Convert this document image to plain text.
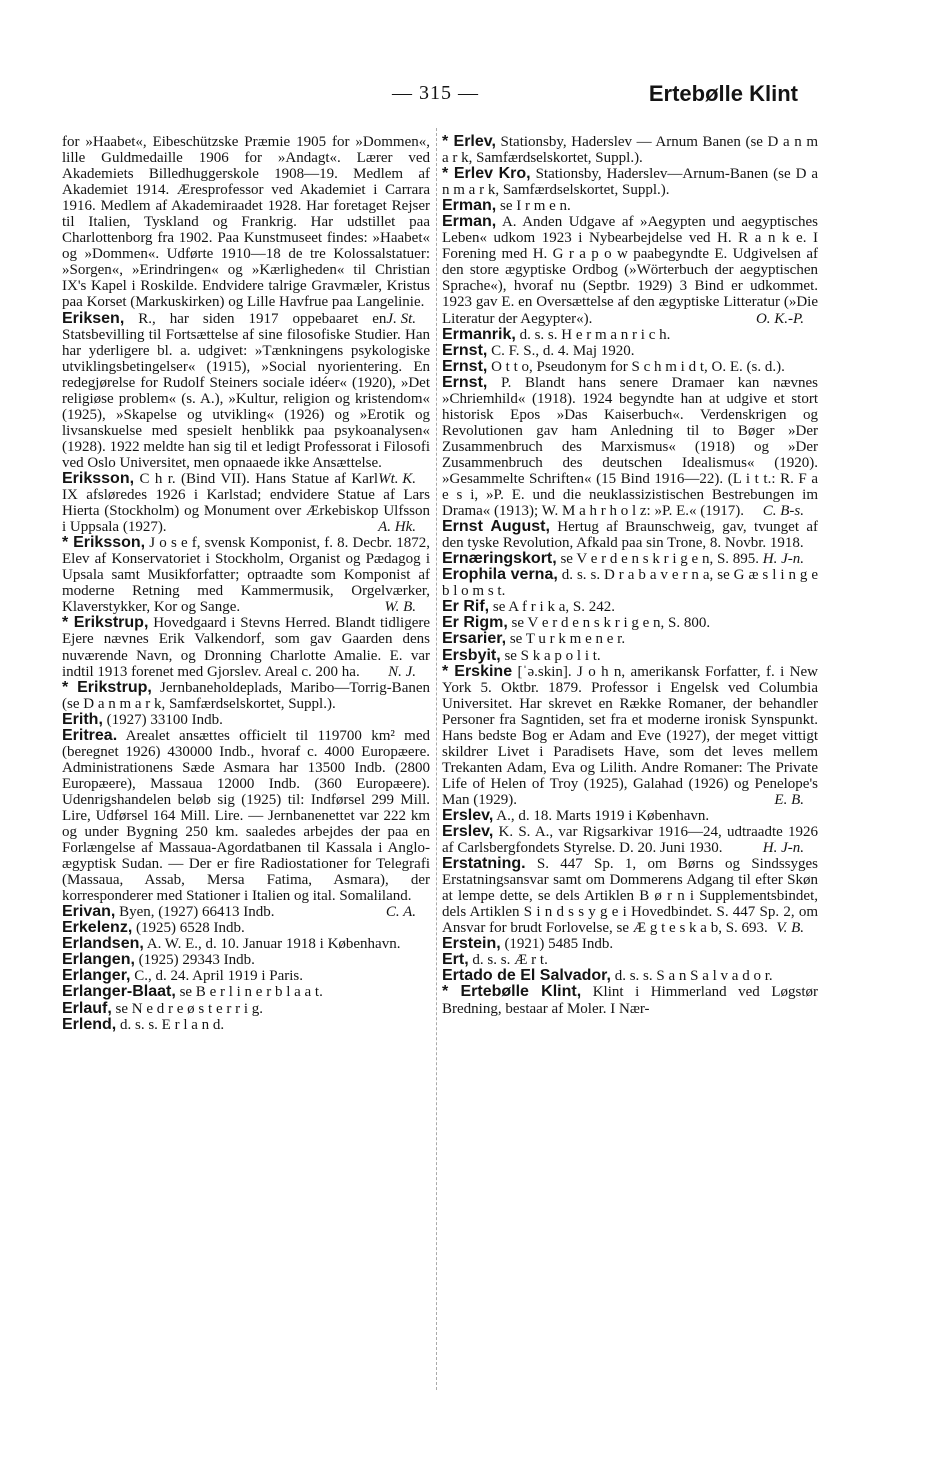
— 315 —	Ertebølle Klint

for »Haabet«, Eibeschützske Præmie 1905 for »Dommen«, lille Guldmedaille 1906 for »Andagt«. Lærer ved Akademiets Billedhuggerskole 1908—19. Medlem af Akademiet 1914. Æresprofessor ved Akademiet i Carrara 1916. Medlem af Akademiraadet 1928. Har foretaget Rejser til Italien, Tyskland og Frankrig. Har udstillet paa Charlottenborg fra 1902. Paa Kunstmuseet findes: »Haabet« og »Dommen«. Udførte 1910—18 de tre Kolossalstatuer: »Sorgen«, »Erindringen« og »Kærligheden« til Christian IX's Kapel i Roskilde. Endvidere talrige Gravmæler, Kristus paa Korset (Markuskirken) og Lille Havfrue paa Langelinie.
J. St.

Eriksen, R., har siden 1917 oppebaaret en Statsbevilling til Fortsættelse af sine filosofiske Studier. Han har yderligere bl. a. udgivet: »Tænkningens psykologiske utviklingsbetingelser« (1915), »Social nyorientering. En redegjørelse for Rudolf Steiners sociale idéer« (1920), »Det religiøse problem« (s. A.), »Kultur, religion og kristendom« (1925), »Skapelse og utvikling« (1926) og »Erotik og livsanskuelse med spesielt henblikk paa psykoanalysen« (1928). 1922 meldte han sig til et ledigt Professorat i Filosofi ved Oslo Universitet, men opnaaede ikke Ansættelse.
Wt. K.

Eriksson, C h r. (Bind VII). Hans Statue af Karl IX afsløredes 1926 i Karlstad; endvidere Statue af Lars Hierta (Stockholm) og Monument over Ærkebiskop Ulfsson i Uppsala (1927).	A. Hk.

* Eriksson, J o s e f, svensk Komponist, f. 8. Decbr. 1872, Elev af Konservatoriet i Stockholm, Organist og Pædagog i Upsala samt Musikforfatter; optraadte som Komponist af moderne Retning med Kammermusik, Orgelværker, Klaverstykker, Kor og Sange.	W. B.

* Erikstrup, Hovedgaard i Stevns Herred. Blandt tidligere Ejere nævnes Erik Valkendorf, som gav Gaarden dens nuværende Navn, og Dronning Charlotte Amalie. E. var indtil 1913 forenet med Gjorslev. Areal c. 200 ha. N. J.

* Erikstrup, Jernbaneholdeplads, Maribo—Torrig-Banen (se D a n m a r k, Samfærdselskortet, Suppl.).

Erith, (1927) 33100 Indb.

Eritrea. Arealet ansættes officielt til 119700 km² med (beregnet 1926) 430000 Indb., hvoraf c. 4000 Europæere. Administrationens Sæde Asmara har 13500 Indb. (2800 Europæere), Massaua 12000 Indb. (360 Europæere). Udenrigshandelen beløb sig (1925) til: Indførsel 299 Mill. Lire, Udførsel 164 Mill. Lire. — Jernbanenettet var 222 km og under Bygning 250 km. saaledes arbejdes der paa en Forlængelse af Massaua-Agordatbanen til Kassala i Anglo-ægyptisk Sudan. — Der er fire Radiostationer for Telegrafi (Massaua, Assab, Mersa Fatima, Asmara), der korresponderer med Stationer i Italien og ital. Somaliland.
C. A.

Erivan, Byen, (1927) 66413 Indb.

Erkelenz, (1925) 6528 Indb.

Erlandsen, A. W. E., d. 10. Januar 1918 i København.

Erlangen, (1925) 29343 Indb.

Erlanger, C., d. 24. April 1919 i Paris.

Erlanger-Blaat, se B e r l i n e r b l a a t.

Erlauf, se N e d r e ø s t e r r i g.

Erlend, d. s. s. E r l a n d.

* Erlev, Stationsby, Haderslev — Arnum Banen (se D a n m a r k, Samfærdselskortet, Suppl.).

* Erlev Kro, Stationsby, Haderslev—Arnum-Banen (se D a n m a r k, Samfærdselskortet, Suppl.).

Erman, se I r m e n.

Erman, A. Anden Udgave af »Aegypten und aegyptisches Leben« udkom 1923 i Nybearbejdelse ved H. R a n k e. I Forening med H. G r a p o w paabegyndte E. Udgivelsen af den store ægyptiske Ordbog (»Wörterbuch der aegyptischen Sprache«), hvoraf nu (Septbr. 1929) 3 Bind er udkommet. 1923 gav E. en Oversættelse af den ægyptiske Litteratur (»Die Literatur der Aegypter«).	O. K.-P.

Ermanrik, d. s. s. H e r m a n r i c h.

Ernst, C. F. S., d. 4. Maj 1920.

Ernst, O t t o, Pseudonym for S c h m i d t, O. E. (s. d.).

Ernst, P. Blandt hans senere Dramaer kan nævnes »Chriemhild« (1918). 1924 begyndte han at udgive et stort historisk Epos »Das Kaiserbuch«. Verdenskrigen og Revolutionen gav ham Anledning til to Bøger »Der Zusammenbruch des Marxismus« (1918) og »Der Zusammenbruch des deutschen Idealismus« (1920). »Gesammelte Schriften« (15 Bind 1916—22). (L i t t.: R. F a e s i, »P. E. und die neuklassizistischen Bestrebungen im Drama« (1913); W. M a h r h o l z: »P. E.« (1917). C. B-s.

Ernst August, Hertug af Braunschweig, gav, tvunget af den tyske Revolution, Afkald paa sin Trone, 8. Novbr. 1918.
H. J-n.

Ernæringskort, se V e r d e n s k r i g e n, S. 895.

Erophila verna, d. s. s. D r a b a v e r n a, se G æ s l i n g e b l o m s t.

Er Rif, se A f r i k a, S. 242.

Er Rigm, se V e r d e n s k r i g e n, S. 800.

Ersarier, se T u r k m e n e r.

Ersbyit, se S k a p o l i t.

* Erskine [ˈə.skin]. J o h n, amerikansk Forfatter, f. i New York 5. Oktbr. 1879. Professor i Engelsk ved Columbia Universitet. Har skrevet en Række Romaner, der behandler Personer fra Sagntiden, set fra et moderne ironisk Synspunkt. Hans bedste Bog er Adam and Eve (1927), der meget vittigt skildrer Livet i Paradisets Have, som det leves mellem Trekanten Adam, Eva og Lilith. Andre Romaner: The Private Life of Helen of Troy (1925), Galahad (1926) og Penelope's Man (1929).	E. B.

Erslev, A., d. 18. Marts 1919 i København.

Erslev, K. S. A., var Rigsarkivar 1916—24, udtraadte 1926 af Carlsbergfondets Styrelse. D. 20. Juni 1930.	H. J-n.

Erstatning. S. 447 Sp. 1, om Børns og Sindssyges Erstatningsansvar samt om Dommerens Adgang til efter Skøn at lempe dette, se dels Artiklen B ø r n i Supplementsbindet, dels Artiklen S i n d s s y g e i Hovedbindet. S. 447 Sp. 2, om Ansvar for brudt Forlovelse, se Æ g t e s k a b, S. 693. V. B.

Erstein, (1921) 5485 Indb.

Ert, d. s. s. Æ r t.

Ertado de El Salvador, d. s. s. S a n S a l v a d o r.

* Ertebølle Klint, Klint i Himmerland ved Løgstør Bredning, bestaar af Moler. I Nær-
